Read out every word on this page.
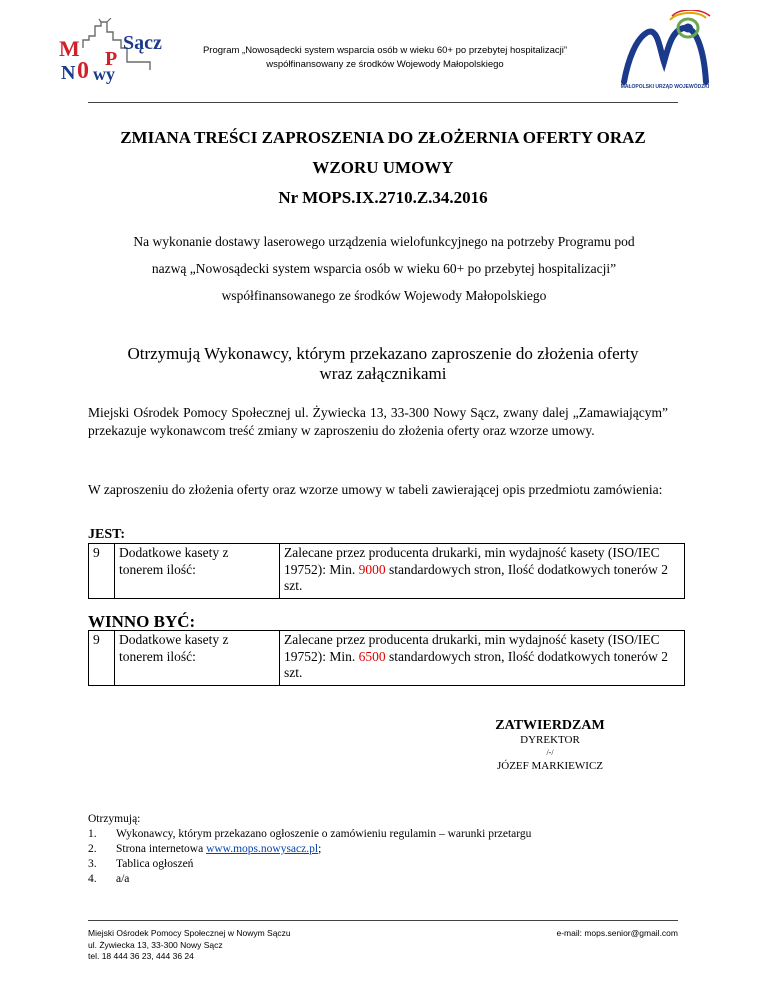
M Sącz
P
N 0 wy
Program „Nowosądecki system wsparcia osób w wieku 60+ po przebytej hospitalizacji”
współfinansowany ze środków Wojewody Małopolskiego
MAŁOPOLSKI URZĄD WOJEWÓDZKI
ZMIANA TREŚCI ZAPROSZENIA DO ZŁOŻERNIA OFERTY ORAZ
WZORU UMOWY
Nr MOPS.IX.2710.Z.34.2016
Na wykonanie dostawy laserowego urządzenia wielofunkcyjnego na potrzeby Programu pod
nazwą „Nowosądecki system wsparcia osób w wieku 60+ po przebytej hospitalizacji”
współfinansowanego ze środków Wojewody Małopolskiego
Otrzymują Wykonawcy, którym przekazano zaproszenie do złożenia oferty
wraz załącznikami
Miejski Ośrodek Pomocy Społecznej ul. Żywiecka 13, 33-300 Nowy Sącz, zwany dalej „Zamawiającym” przekazuje wykonawcom treść zmiany w zaproszeniu do złożenia oferty oraz wzorze umowy.
W zaproszeniu do złożenia oferty oraz wzorze umowy w tabeli zawierającej opis przedmiotu zamówienia:
JEST:
9	Dodatkowe kasety z tonerem ilość:	Zalecane przez producenta drukarki, min wydajność kasety (ISO/IEC 19752): Min. 9000 standardowych stron, Ilość dodatkowych tonerów 2 szt.
WINNO BYĆ:
9	Dodatkowe kasety z tonerem ilość:	Zalecane przez producenta drukarki, min wydajność kasety (ISO/IEC 19752): Min. 6500 standardowych stron, Ilość dodatkowych tonerów 2 szt.
ZATWIERDZAM
DYREKTOR
/-/
JÓZEF MARKIEWICZ
Otrzymują:
1.	Wykonawcy, którym przekazano ogłoszenie o zamówieniu regulamin – warunki przetargu
2.	Strona internetowa www.mops.nowysacz.pl;
3.	Tablica ogłoszeń
4.	a/a
Miejski Ośrodek Pomocy Społecznej w Nowym Sączu
ul. Żywiecka 13, 33-300 Nowy Sącz
tel. 18 444 36 23, 444 36 24
e-mail: mops.senior@gmail.com
